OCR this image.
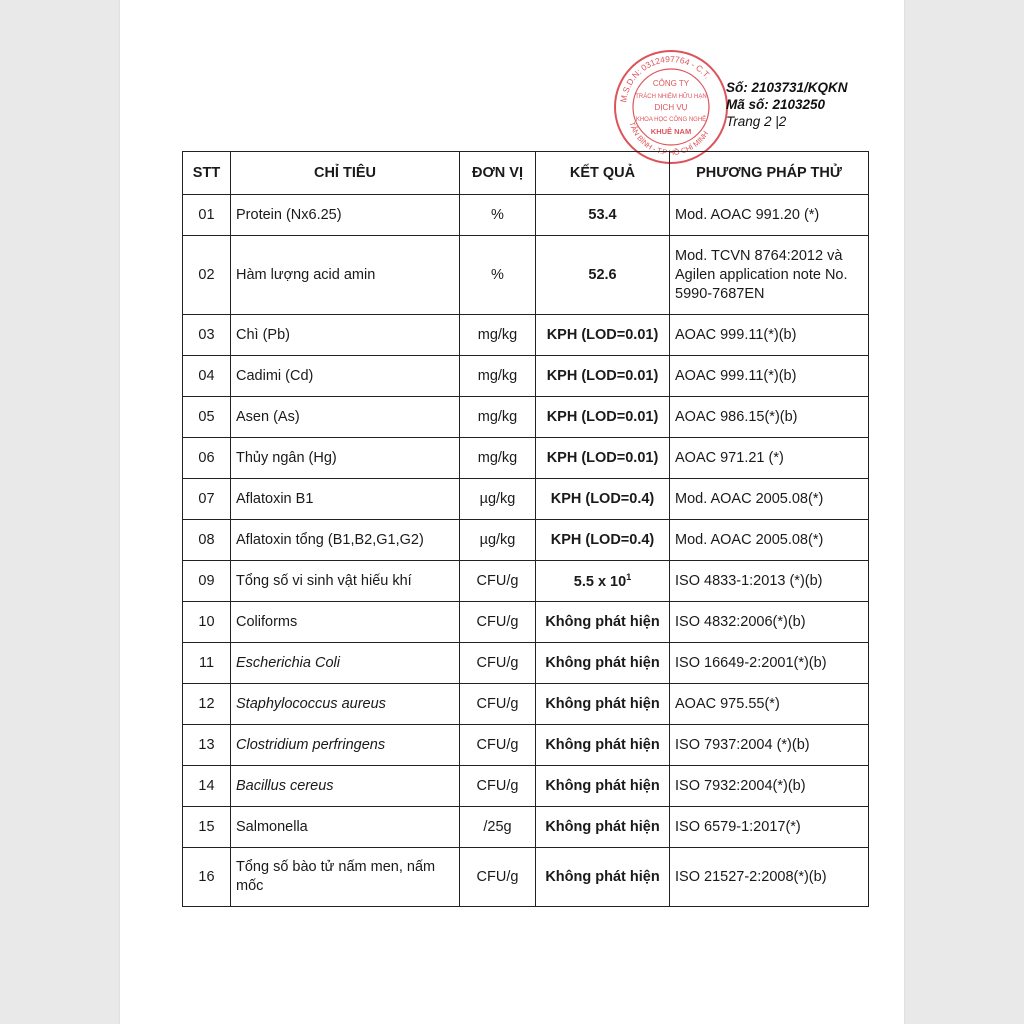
M.S.D.N: 0312497764 - C.T.
TÂN BÌNH - T.P HỒ CHÍ MINH
CÔNG TY
TRÁCH NHIỆM HỮU HẠN
DỊCH VỤ
KHOA HỌC CÔNG NGHỆ
KHUÊ NAM
Số: 2103731/KQKN
Mã số: 2103250
Trang 2 |2
STT	CHỈ TIÊU	ĐƠN VỊ	KẾT QUẢ	PHƯƠNG PHÁP THỬ
01	Protein (Nx6.25)	%	53.4	Mod. AOAC 991.20 (*)
02	Hàm lượng acid amin	%	52.6	Mod. TCVN 8764:2012 và Agilen application note No. 5990-7687EN
03	Chì (Pb)	mg/kg	KPH (LOD=0.01)	AOAC 999.11(*)(b)
04	Cadimi (Cd)	mg/kg	KPH (LOD=0.01)	AOAC 999.11(*)(b)
05	Asen (As)	mg/kg	KPH (LOD=0.01)	AOAC 986.15(*)(b)
06	Thủy ngân (Hg)	mg/kg	KPH (LOD=0.01)	AOAC 971.21 (*)
07	Aflatoxin B1	µg/kg	KPH (LOD=0.4)	Mod. AOAC 2005.08(*)
08	Aflatoxin tổng (B1,B2,G1,G2)	µg/kg	KPH (LOD=0.4)	Mod. AOAC 2005.08(*)
09	Tổng số vi sinh vật hiếu khí	CFU/g	5.5 x $10^1$	ISO 4833-1:2013 (*)(b)
10	Coliforms	CFU/g	Không phát hiện	ISO 4832:2006(*)(b)
11	Escherichia Coli	CFU/g	Không phát hiện	ISO 16649-2:2001(*)(b)
12	Staphylococcus aureus	CFU/g	Không phát hiện	AOAC 975.55(*)
13	Clostridium perfringens	CFU/g	Không phát hiện	ISO 7937:2004 (*)(b)
14	Bacillus cereus	CFU/g	Không phát hiện	ISO 7932:2004(*)(b)
15	Salmonella	/25g	Không phát hiện	ISO 6579-1:2017(*)
16	Tổng số bào tử nấm men, nấm mốc	CFU/g	Không phát hiện	ISO 21527-2:2008(*)(b)
